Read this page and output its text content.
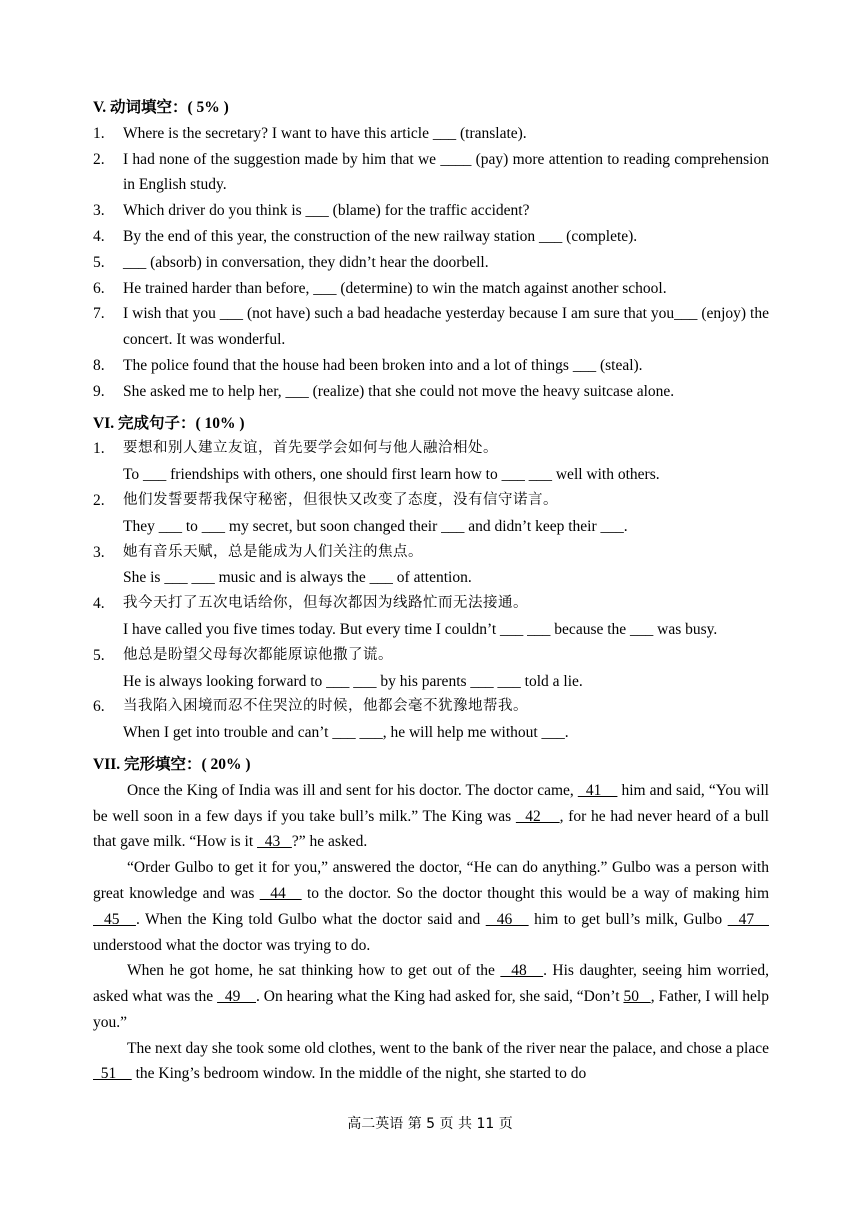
V. 动词填空：( 5% )
1.	Where is the secretary? I want to have this article ___ (translate).
2.	I had none of the suggestion made by him that we ____ (pay) more attention to reading comprehension in English study.
3.	Which driver do you think is ___ (blame) for the traffic accident?
4.	By the end of this year, the construction of the new railway station ___ (complete).
5.	___ (absorb) in conversation, they didn’t hear the doorbell.
6.	He trained harder than before, ___ (determine) to win the match against another school.
7.	I wish that you ___ (not have) such a bad headache yesterday because I am sure that you___ (enjoy) the concert. It was wonderful.
8.	The police found that the house had been broken into and a lot of things ___ (steal).
9.	She asked me to help her, ___ (realize) that she could not move the heavy suitcase alone.
VI. 完成句子：( 10% )
1.	要想和别人建立友谊，首先要学会如何与他人融洽相处。
To ___ friendships with others, one should first learn how to ___ ___ well with others.
2.	他们发誓要帮我保守秘密，但很快又改变了态度，没有信守诺言。
They ___ to ___ my secret, but soon changed their ___ and didn’t keep their ___.
3.	她有音乐天赋，总是能成为人们关注的焦点。
She is ___ ___ music and is always the ___ of attention.
4.	我今天打了五次电话给你，但每次都因为线路忙而无法接通。
I have called you five times today. But every time I couldn’t ___ ___ because the ___ was busy.
5.	他总是盼望父母每次都能原谅他撒了谎。
He is always looking forward to ___ ___ by his parents ___ ___ told a lie.
6.	当我陷入困境而忍不住哭泣的时候，他都会毫不犹豫地帮我。
When I get into trouble and can’t ___ ___, he will help me without ___.
VII. 完形填空：( 20% )
Once the King of India was ill and sent for his doctor. The doctor came,   41     him and said, “You will be well soon in a few days if you take bull’s milk.” The King was   42    , for he had never heard of a bull that gave milk. “How is it   43   ?” he asked.
“Order Gulbo to get it for you,” answered the doctor, “He can do anything.” Gulbo was a person with great knowledge and was   44    to the doctor. So the doctor thought this would be a way of making him   45   . When the King told Gulbo what the doctor said and   46    him to get bull’s milk, Gulbo   47    understood what the doctor was trying to do.
When he got home, he sat thinking how to get out of the   48   . His daughter, seeing him worried, asked what was the   49    . On hearing what the King had asked for, she said, “Don’t 50   , Father, I will help you.”
The next day she took some old clothes, went to the bank of the river near the palace, and chose a place   51     the King’s bedroom window. In the middle of the night, she started to do
高二英语 第 5 页 共 11 页
